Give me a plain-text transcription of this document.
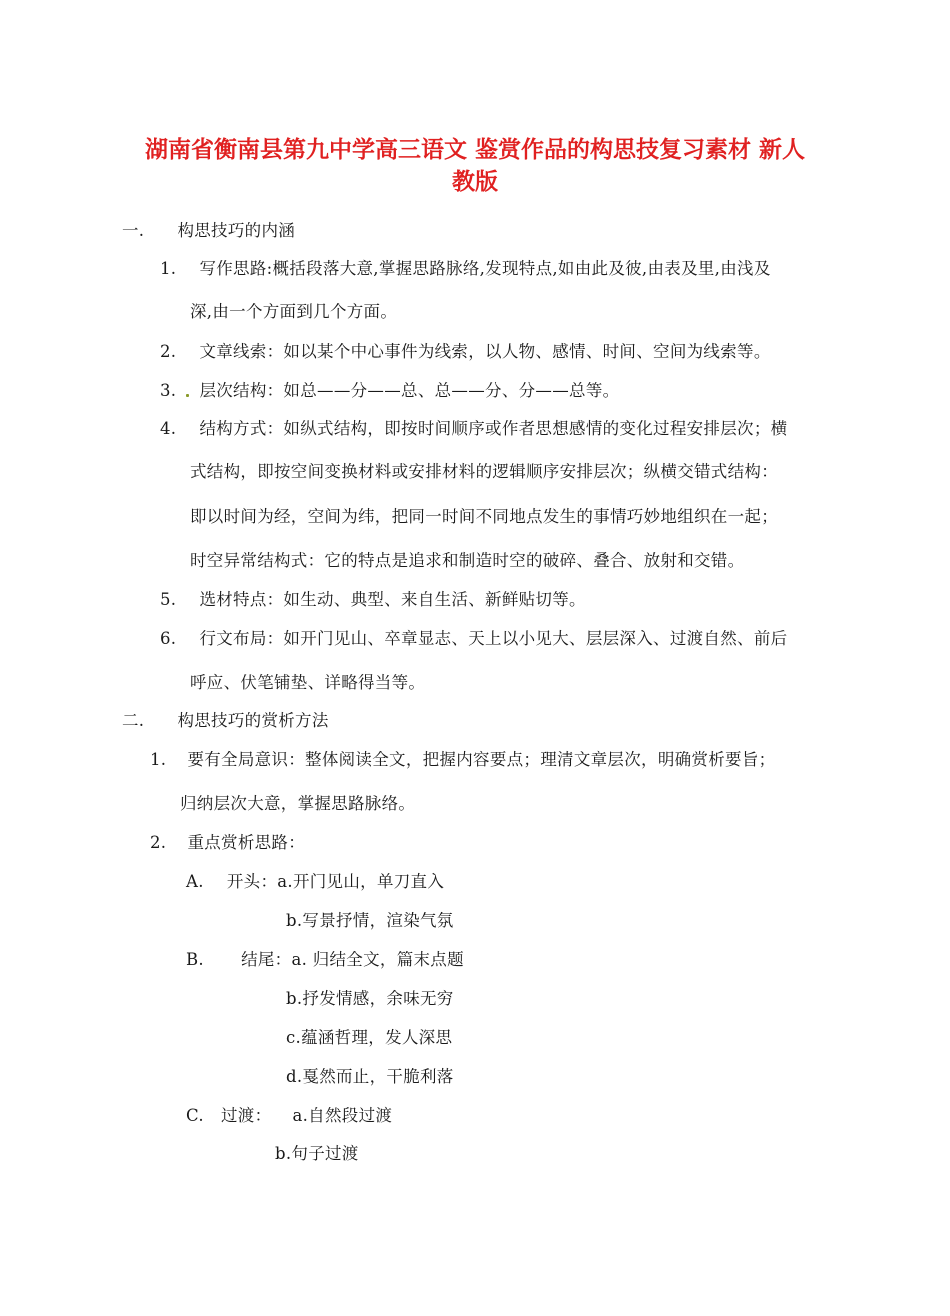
湖南省衡南县第九中学高三语文 鉴赏作品的构思技复习素材 新人
教版
一. 构思技巧的内涵
1. 写作思路:概括段落大意,掌握思路脉络,发现特点,如由此及彼,由表及里,由浅及
深,由一个方面到几个方面。
2. 文章线索：如以某个中心事件为线索，以人物、感情、时间、空间为线索等。
3. 层次结构：如总——分——总、总——分、分——总等。
4. 结构方式：如纵式结构，即按时间顺序或作者思想感情的变化过程安排层次；横
式结构，即按空间变换材料或安排材料的逻辑顺序安排层次；纵横交错式结构：
即以时间为经，空间为纬，把同一时间不同地点发生的事情巧妙地组织在一起；
时空异常结构式：它的特点是追求和制造时空的破碎、叠合、放射和交错。
5. 选材特点：如生动、典型、来自生活、新鲜贴切等。
6. 行文布局：如开门见山、卒章显志、天上以小见大、层层深入、过渡自然、前后
呼应、伏笔铺垫、详略得当等。
二. 构思技巧的赏析方法
1. 要有全局意识：整体阅读全文，把握内容要点；理清文章层次，明确赏析要旨；
归纳层次大意，掌握思路脉络。
2. 重点赏析思路：
A. 开头：a.开门见山，单刀直入
b.写景抒情，渲染气氛
B. 结尾：a. 归结全文，篇末点题
b.抒发情感，余味无穷
c.蕴涵哲理，发人深思
d.戛然而止，干脆利落
C. 过渡： a.自然段过渡
b.句子过渡
